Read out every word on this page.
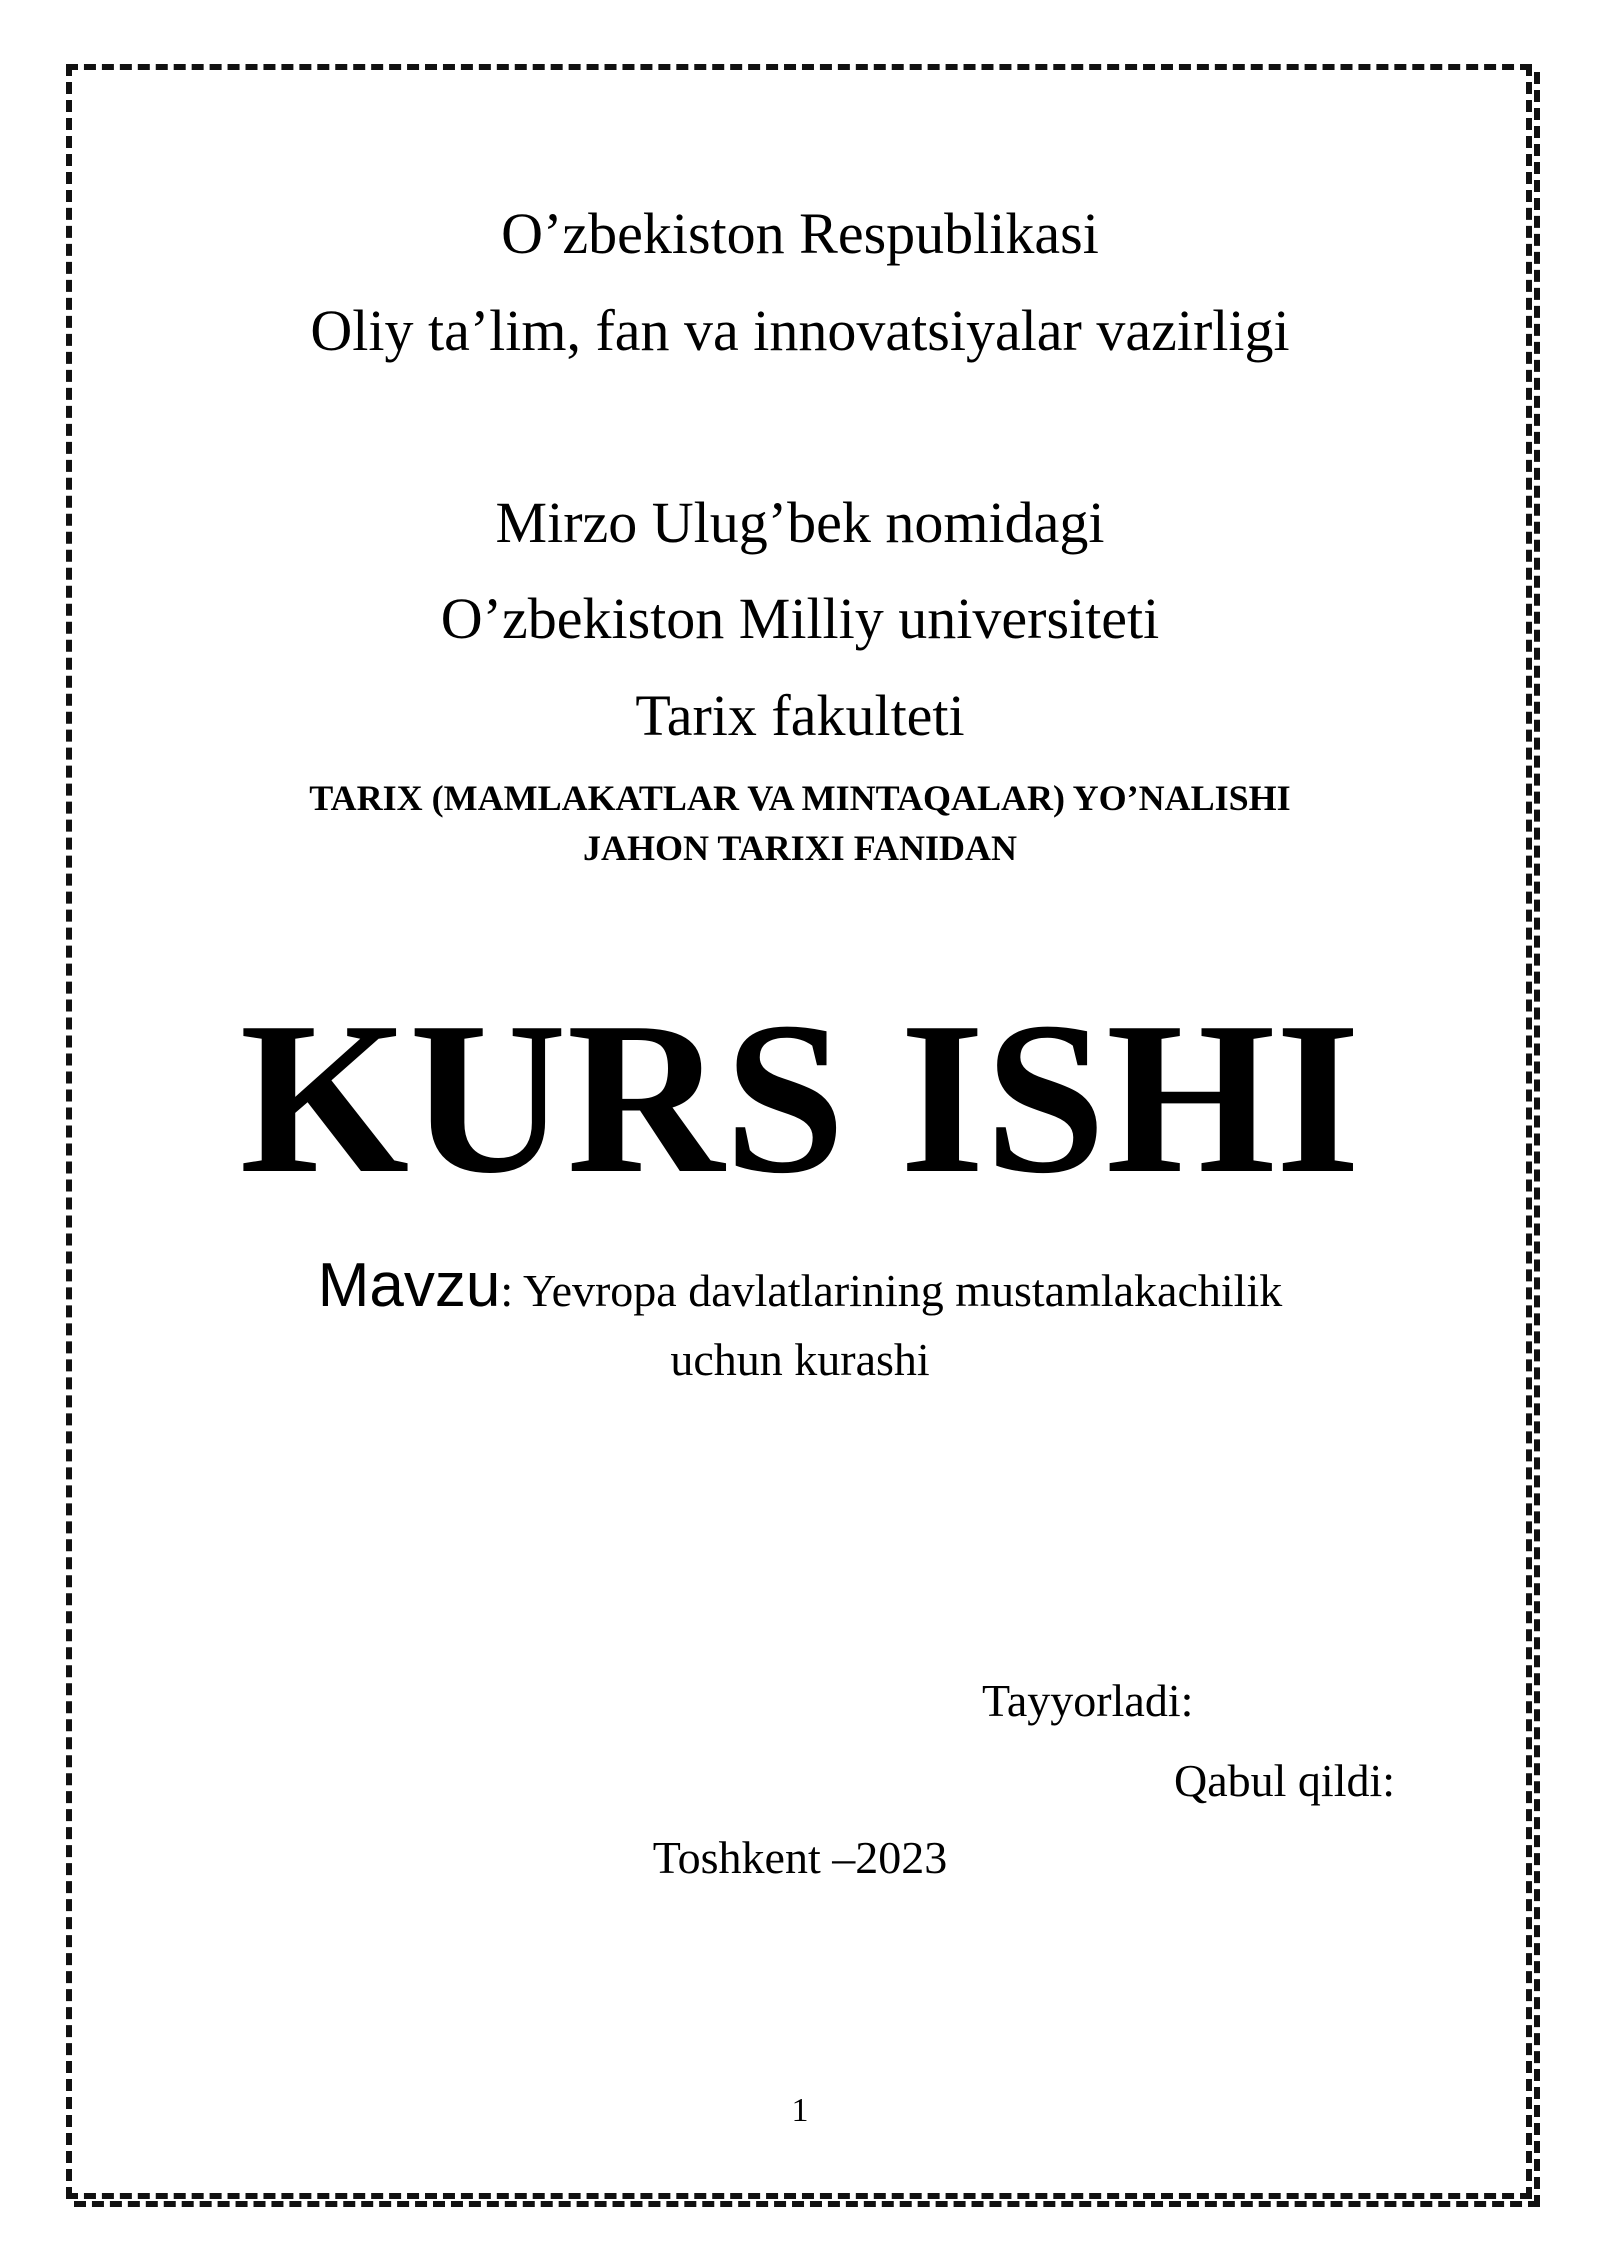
O’zbekiston Respublikasi
Oliy ta’lim, fan va innovatsiyalar vazirligi
Mirzo Ulug’bek nomidagi
O’zbekiston Milliy universiteti
Tarix fakulteti
TARIX (MAMLAKATLAR VA MINTAQALAR) YO’NALISHI
JAHON TARIXI FANIDAN
KURS ISHI
Mavzu: Yevropa davlatlarining mustamlakachilik
uchun kurashi
Tayyorladi:
Qabul qildi:
Toshkent –2023
1
